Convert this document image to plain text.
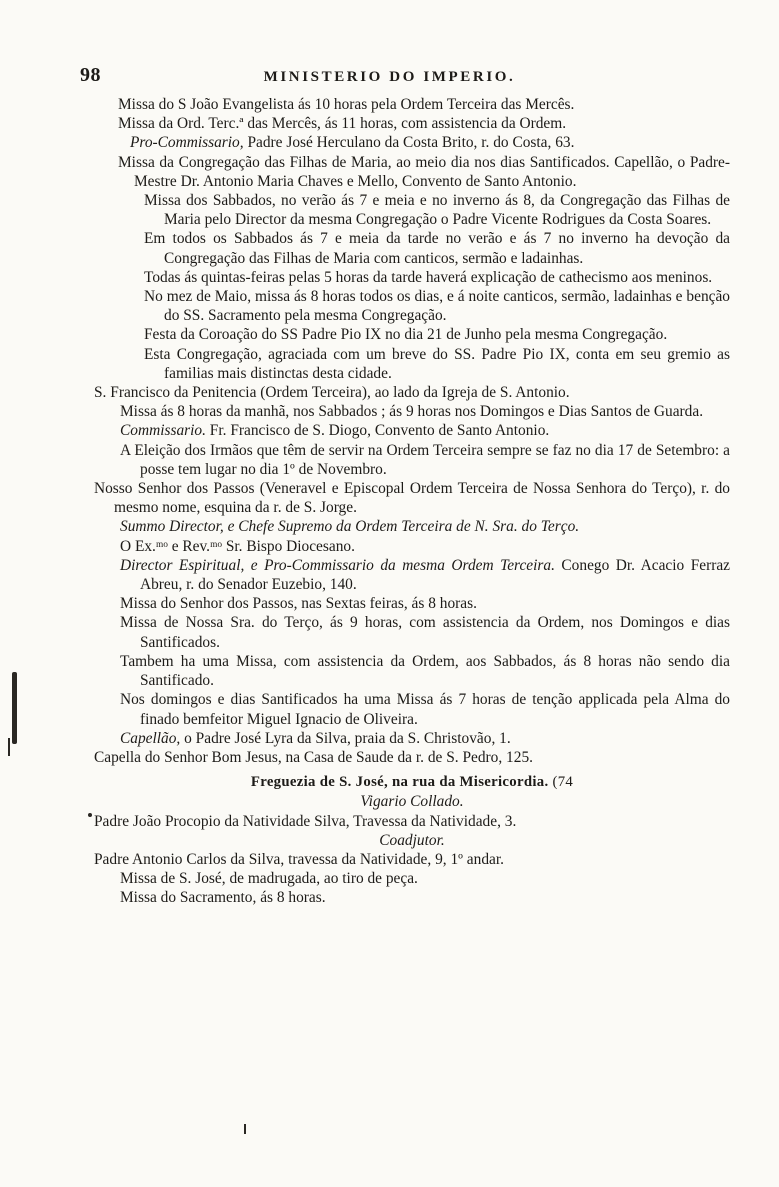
98	MINISTERIO DO IMPERIO.
Missa do S João Evangelista ás 10 horas pela Ordem Terceira das Mercês.
Missa da Ord. Terc.ª das Mercês, ás 11 horas, com assistencia da Ordem.
Pro-Commissario, Padre José Herculano da Costa Brito, r. do Costa, 63.
Missa da Congregação das Filhas de Maria, ao meio dia nos dias Santificados. Capellão, o Padre-Mestre Dr. Antonio Maria Chaves e Mello, Convento de Santo Antonio.
Missa dos Sabbados, no verão ás 7 e meia e no inverno ás 8, da Congregação das Filhas de Maria pelo Director da mesma Congregação o Padre Vicente Rodrigues da Costa Soares.
Em todos os Sabbados ás 7 e meia da tarde no verão e ás 7 no inverno ha devoção da Congregação das Filhas de Maria com canticos, sermão e ladainhas.
Todas ás quintas-feiras pelas 5 horas da tarde haverá explicação de cathecismo aos meninos.
No mez de Maio, missa ás 8 horas todos os dias, e á noite canticos, sermão, ladainhas e benção do SS. Sacramento pela mesma Congregação.
Festa da Coroação do SS Padre Pio IX no dia 21 de Junho pela mesma Congregação.
Esta Congregação, agraciada com um breve do SS. Padre Pio IX, conta em seu gremio as familias mais distinctas desta cidade.
S. Francisco da Penitencia (Ordem Terceira), ao lado da Igreja de S. Antonio.
Missa ás 8 horas da manhã, nos Sabbados ; ás 9 horas nos Domingos e Dias Santos de Guarda.
Commissario. Fr. Francisco de S. Diogo, Convento de Santo Antonio.
A Eleição dos Irmãos que têm de servir na Ordem Terceira sempre se faz no dia 17 de Setembro: a posse tem lugar no dia 1º de Novembro.
Nosso Senhor dos Passos (Veneravel e Episcopal Ordem Terceira de Nossa Senhora do Terço), r. do mesmo nome, esquina da r. de S. Jorge.
Summo Director, e Chefe Supremo da Ordem Terceira de N. Sra. do Terço.
O Ex.ᵐᵒ e Rev.ᵐᵒ Sr. Bispo Diocesano.
Director Espiritual, e Pro-Commissario da mesma Ordem Terceira. Conego Dr. Acacio Ferraz Abreu, r. do Senador Euzebio, 140.
Missa do Senhor dos Passos, nas Sextas feiras, ás 8 horas.
Missa de Nossa Sra. do Terço, ás 9 horas, com assistencia da Ordem, nos Domingos e dias Santificados.
Tambem ha uma Missa, com assistencia da Ordem, aos Sabbados, ás 8 horas não sendo dia Santificado.
Nos domingos e dias Santificados ha uma Missa ás 7 horas de tenção applicada pela Alma do finado bemfeitor Miguel Ignacio de Oliveira.
Capellão, o Padre José Lyra da Silva, praia da S. Christovão, 1.
Capella do Senhor Bom Jesus, na Casa de Saude da r. de S. Pedro, 125.
Freguezia de S. José, na rua da Misericordia. (74
Vigario Collado.
Padre João Procopio da Natividade Silva, Travessa da Natividade, 3.
Coadjutor.
Padre Antonio Carlos da Silva, travessa da Natividade, 9, 1º andar.
Missa de S. José, de madrugada, ao tiro de peça.
Missa do Sacramento, ás 8 horas.
